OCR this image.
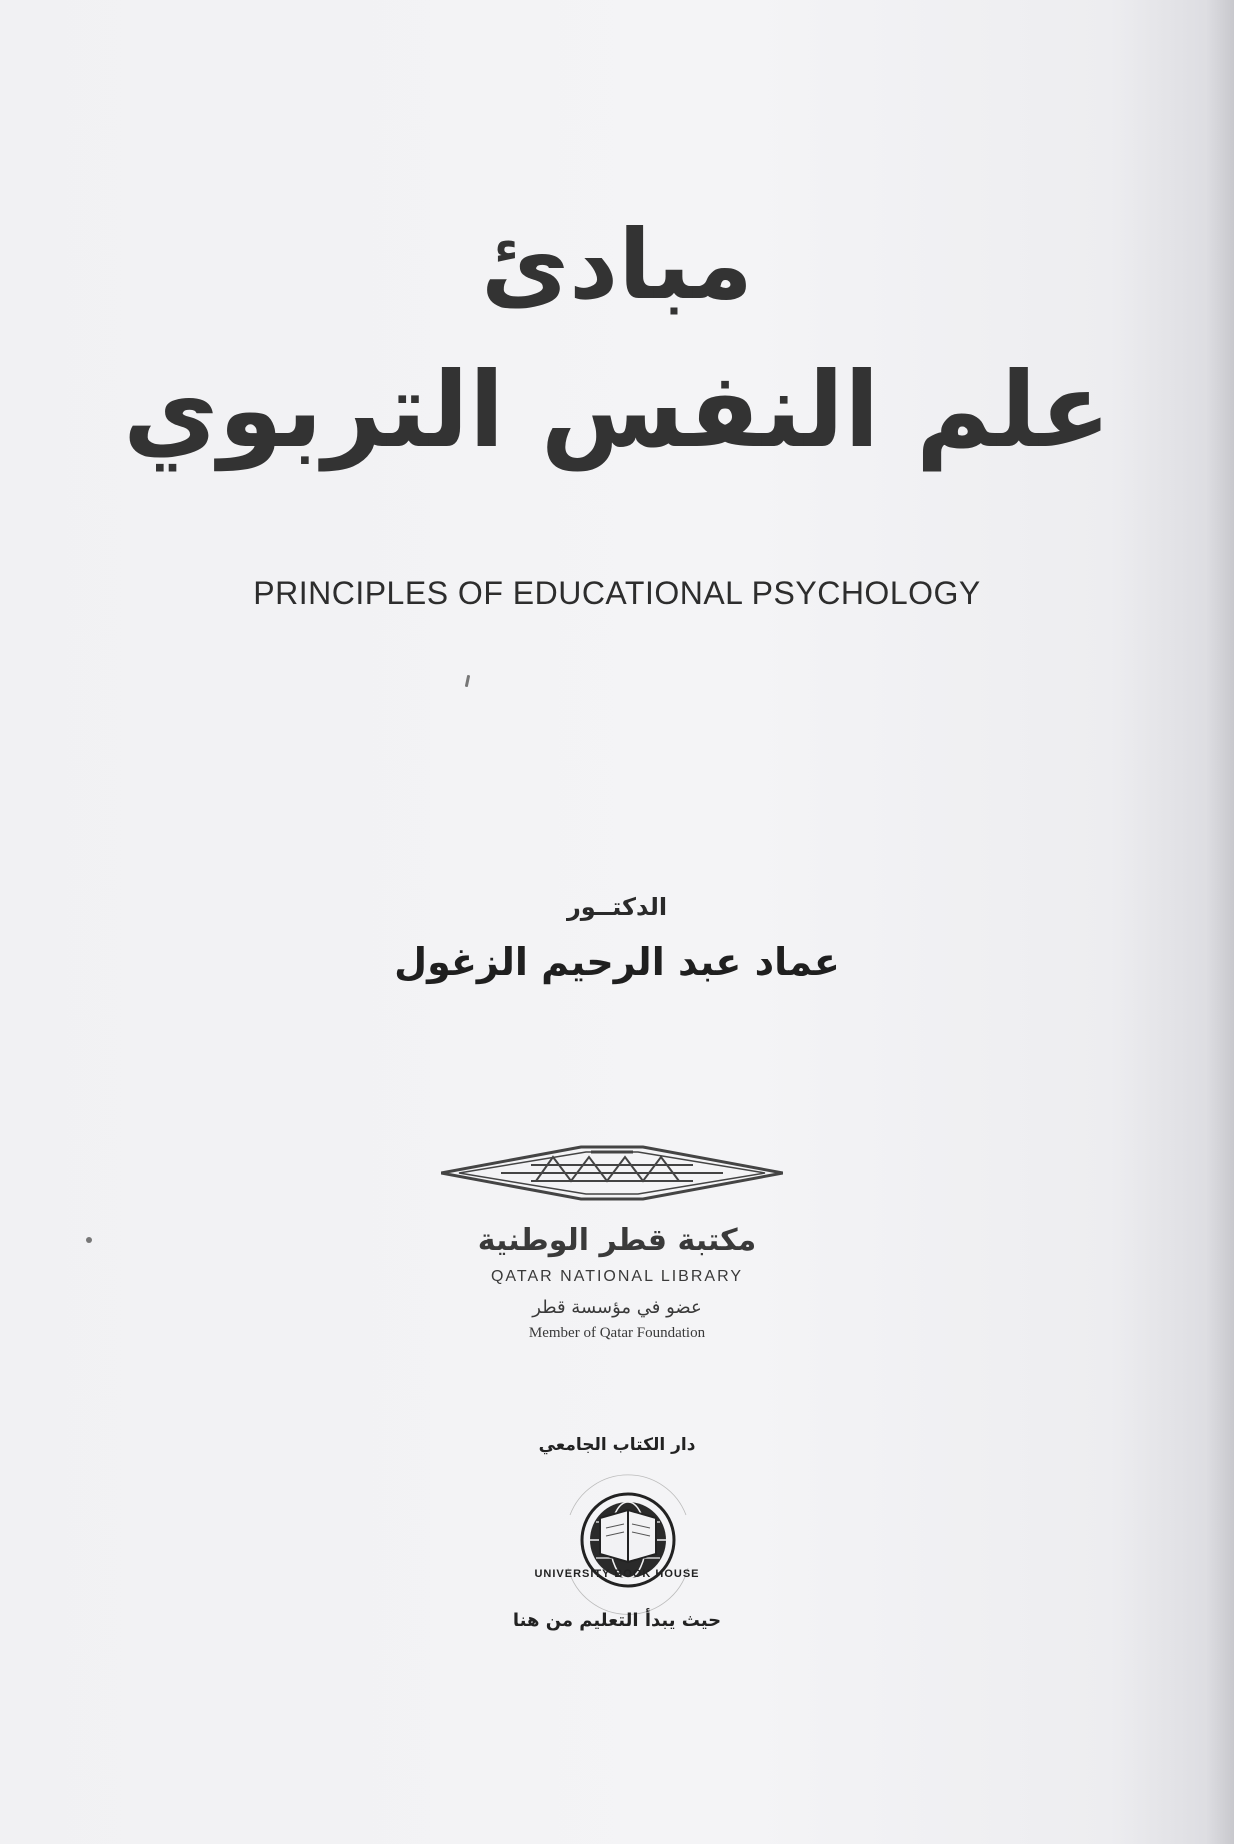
مبادئ
علم النفس التربوي
PRINCIPLES OF EDUCATIONAL PSYCHOLOGY
الدكتــور
عماد عبد الرحيم الزغول
مكتبة قطر الوطنية
QATAR NATIONAL LIBRARY
عضو في مؤسسة قطر
Member of Qatar Foundation
دار الكتاب الجامعي
UNIVERSITY BOOK HOUSE
حيث يبدأ التعليم من هنا
